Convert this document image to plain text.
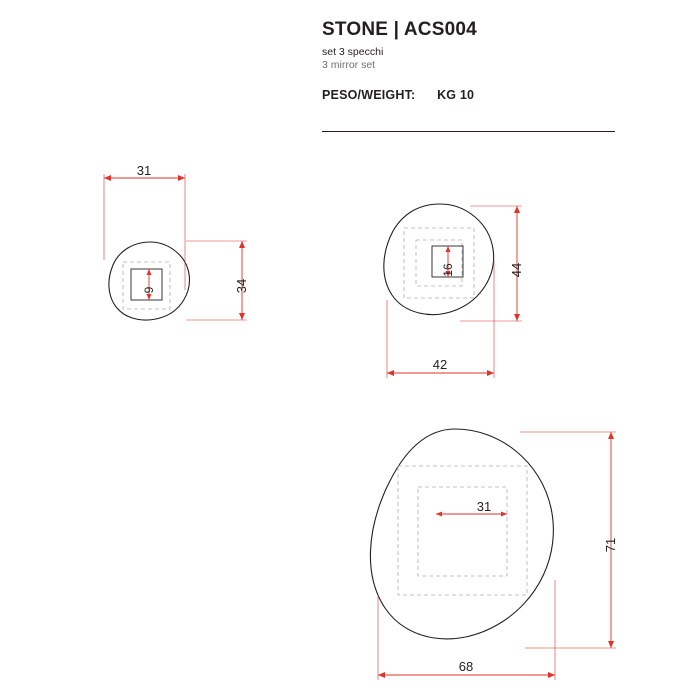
STONE | ACS004
set 3 specchi
3 mirror set
PESO/WEIGHT: KG 10
31
34
9
42
44
16
31
68
71
